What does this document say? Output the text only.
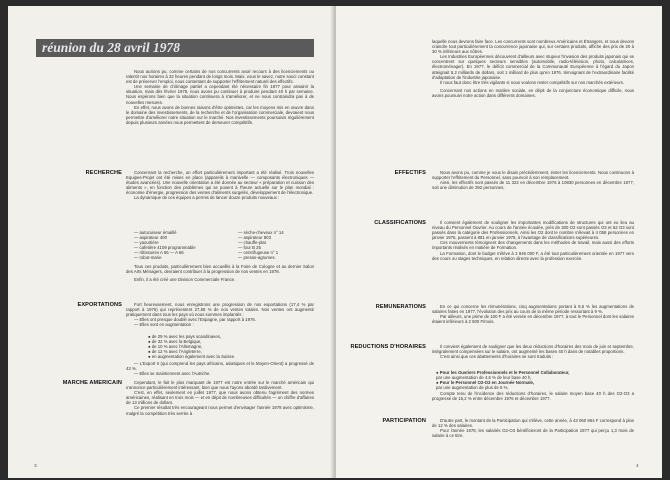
réunion du 28 avril 1978

Nous aurions pu, comme certains de nos concurrents avoir recours à des licenciements ou ralentir nos horaires à 32 heures pendant de longs mois. Mais, vous le savez, notre souci constant est de préserver l'emploi, nous contentant de supporter l'effritement naturel des effectifs.

Une semaine de chômage partiel a cependant été nécessaire fin 1977 pour assainir la situation, mais dès février 1978, nous avons pu continuer à produire pendant 40 h par semaine. Nous espérons bien que la situation continuera à s'améliorer, et ne nous contraindra pas à de nouvelles mesures.

En effet, nous avons de bonnes raisons d'être optimistes, car les moyens mis en œuvre dans le domaine des investissements, de la recherche et de l'organisation commerciale, devraient nous permettre d'améliorer notre situation sur le marché. Nos investissements poursuivis régulièrement depuis plusieurs années nous permettent de demeurer compétitifs.

RECHERCHE	Concernant la recherche, un effort particulièrement important a été réalisé. Trois nouvelles Equipes-Projet ont été mises en place (appareils à manivelle — composants électroniques — études avancées). Une nouvelle orientation a été donnée au secteur « préparation et cuisson des aliments », en fonction des problèmes qui se posent à l'heure actuelle sur le plan mondial : économie d'énergie, progression des ventes d'aliments surgelés, développement de l'électronique.

La dynamique de ces équipes a permis de lancer douze produits nouveaux :

— autocuiseur émaillé
— aspirateur 400
— yaourtière
— cafetière 4109 programmable
— rôtissoires A 55 — A 66
— robot-marie
— sèche-cheveux n° 14
— aspirateur 803
— chauffe-plat
— four B 25
— centrifugeuse n° 1
— presse-agrumes.

Tous ces produits, particulièrement bien accueillis à la Foire de Cologne et au dernier Salon des Arts Ménagers, devraient contribuer à la progression de nos ventes en 1978.

Enfin, il a été créé une Division Commerciale France.

EXPORTATIONS	Fort heureusement, nous enregistrons une progression de nos exportations (17,4 % par rapport à 1976) qui représentent 27,58 % de nos ventes totales. Nos ventes ont augmenté pratiquement dans tous les pays où nous sommes implantés :

— Elles ont presque doublé avec l'Espagne, par rapport à 1976.

— Elles sont en augmentation :

● de 29 % avec les pays scandinaves,
● de 32 % avec la Belgique,
● de 10 % avec l'Allemagne,
● de 12 % avec l'Angleterre,
● en augmentation également avec la Suisse.

— L'Export II (qui comprend les pays africains, asiatiques et le Moyen-Orient) a progressé de 43 %.

— Elles se maintiennent avec l'Autriche.

MARCHE AMERICAIN	Cependant, le fait le plus marquant de 1977 est notre entrée sur le marché américain qui s'annonce particulièrement intéressant, bien que nous l'ayons abordé tardivement.

C'est, en effet, seulement en juillet 1977, que nous avons obtenu l'agrément des normes américaines, réalisant en trois mois — et en dépit de nombreuses difficultés — un chiffre d'affaires de 13 millions de dollars.

Ce premier résultat très encourageant nous permet d'envisager l'année 1978 avec optimisme, malgré la compétition très serrée à

3

laquelle nous devrons faire face. Les concurrents sont nombreux Américains et Étrangers, et nous devons craindre tout particulièrement la concurrence japonaise qui, sur certains produits, affiche des prix de 20 à 30 % inférieurs aux nôtres.

Les Industries Européennes découvrent d'ailleurs avec stupeur l'invasion des produits japonais qui se concentrent sur quelques secteurs sensibles (automobile, radio-télévision, photo, calculatrices, électroménager). En 1977, le déficit commercial de la Communauté Européenne à l'égard du Japon atteignait 5,2 milliards de dollars, soit 1 milliard de plus qu'en 1976, témoignant de l'extraordinaire facilité d'adaptation de l'industrie japonaise.

Il nous faut donc être très vigilants si nous voulons rester compétitifs sur nos marchés extérieurs.

Concernant nos actions en matière sociale, en dépit de la conjoncture économique difficile, nous avons poursuivi notre action dans différents domaines.

EFFECTIFS	Nous avons pu, comme je vous le disais précédemment, éviter les licenciements. Nous continuons à supporter l'effritement du Personnel, sans pourvoir à son remplacement.

Ainsi, les effectifs sont passés de 11 322 en décembre 1976 à 10830 personnes en décembre 1977, soit une diminution de 392 personnes.

CLASSIFICATIONS	Il convient également de souligner les importantes modifications de structures qui ont eu lieu au niveau du Personnel Ouvrier. Au cours de l'année écoulée, près de 300 O2 sont passés O3 et 62 O3 sont passés dans la catégorie des Professionnels. Ainsi les O2 dont le nombre s'élevait à 4 058 personnes en janvier 1976, passent à 881 en janvier 1978, à l'avantage de classifications supérieures.

Ces mouvements témoignent des changements dans les méthodes de travail, mais aussi des efforts importants réalisés en matière de Formation.

La Formation, dont le budget s'élève à 2 846 000 F, a été tout particulièrement orientée en 1977 vers des cours ou stages techniques, en relation directe avec la profession exercée.

REMUNERATIONS	En ce qui concerne les rémunérations, cinq augmentations portant à 9,5 % les augmentations de salaires faites en 1977, l'évolution des prix au cours de la même période ressortant à 9 %.

Par ailleurs, une prime de 100 F a été versée en décembre 1977, à tout le Personnel dont les salaires étaient inférieurs à 2 500 F/mois.

REDUCTIONS D'HORAIRES	Il convient également de souligner que les deux réductions d'horaires des mois de juin et septembre, intégralement compensées sur le salaire, ont augmenté les bases 40 h dans de notables proportions.

C'est ainsi que ces abattements d'horaires se sont traduits :

● Pour les Ouvriers Professionnels et le Personnel Collaborateur,
par une augmentation de 4,6 % de leur base 40 h,
● Pour le Personnel O2-O3 en Journée Normale,
par une augmentation de plus de 6 %.

Compte tenu de l'incidence des réductions d'horaires, le salaire moyen base 40 h des O2-O3 a progressé de 15,2 % entre décembre 1976 et décembre 1977.

PARTICIPATION	D'autre part, le montant de la Participation qui s'élève, cette année, à 43 060 864 F correspond à plus de 12 % des salaires.

Pour l'année 1978, les salariés O2-O3 bénéficieront de la Participation 1977 qui perçu 1,3 mois de salaire à ce titre.

4
